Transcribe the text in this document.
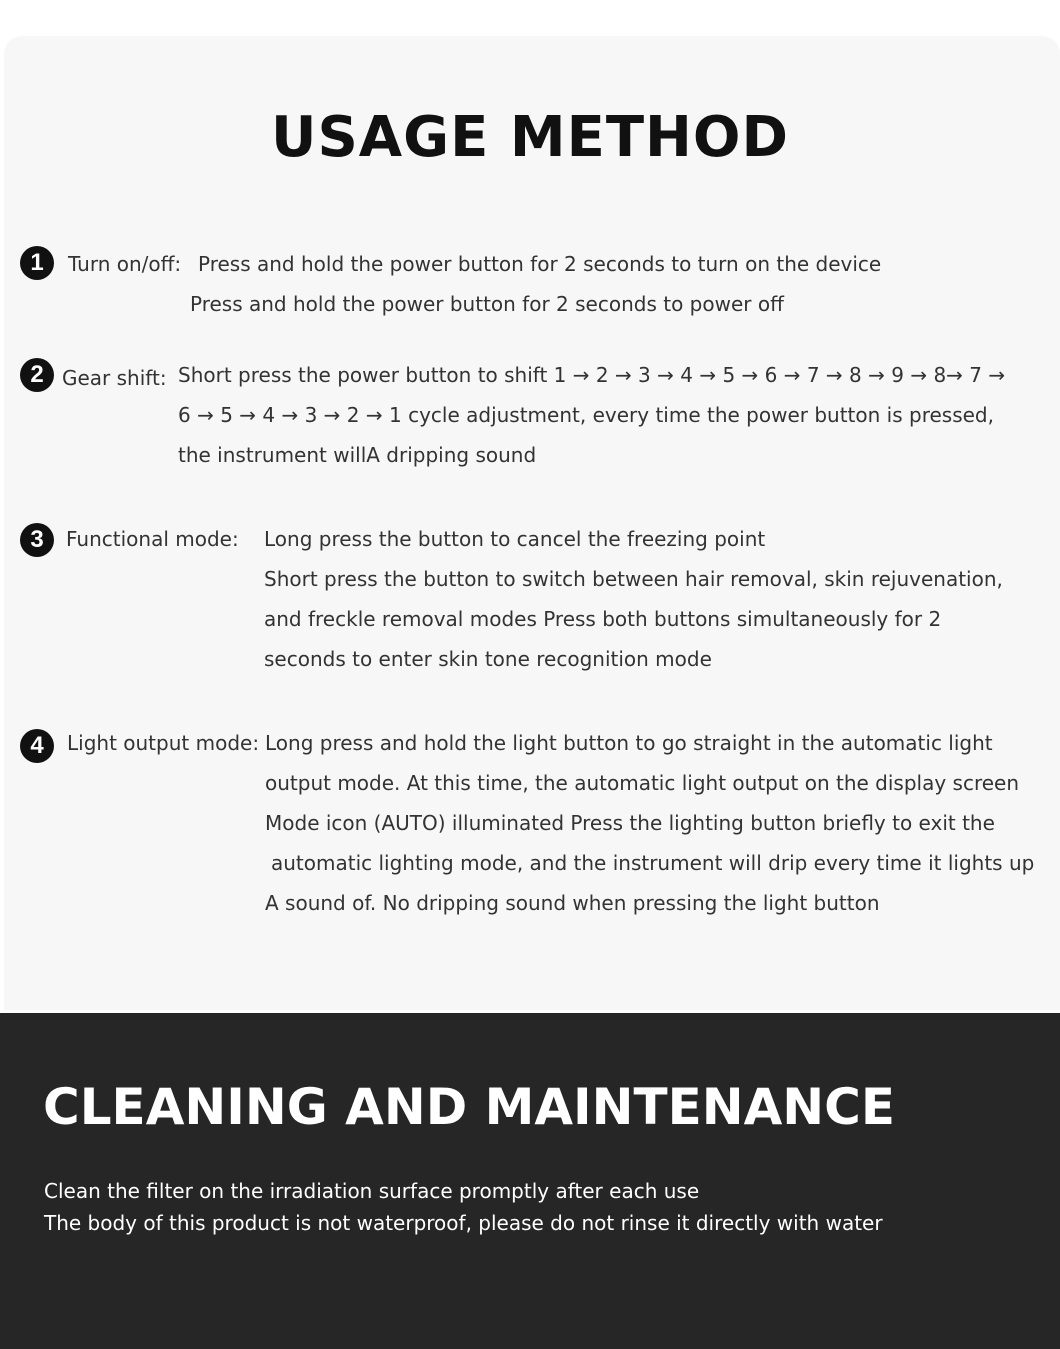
USAGE METHOD
1	Turn on/off: Press and hold the power button for 2 seconds to turn on the device
Press and hold the power button for 2 seconds to power off
2 Gear shift: Short press the power button to shift 1 → 2 → 3 → 4 → 5 → 6 → 7 → 8 → 9 → 8→ 7 →
6 → 5 → 4 → 3 → 2 → 1 cycle adjustment, every time the power button is pressed,
the instrument willA dripping sound
3	Functional mode: Long press the button to cancel the freezing point
Short press the button to switch between hair removal, skin rejuvenation,
and freckle removal modes Press both buttons simultaneously for 2
seconds to enter skin tone recognition mode
4	Light output mode: Long press and hold the light button to go straight in the automatic light
output mode. At this time, the automatic light output on the display screen
Mode icon (AUTO) illuminated Press the lighting button briefly to exit the
automatic lighting mode, and the instrument will drip every time it lights up
A sound of. No dripping sound when pressing the light button
CLEANING AND MAINTENANCE
Clean the filter on the irradiation surface promptly after each use
The body of this product is not waterproof, please do not rinse it directly with water
